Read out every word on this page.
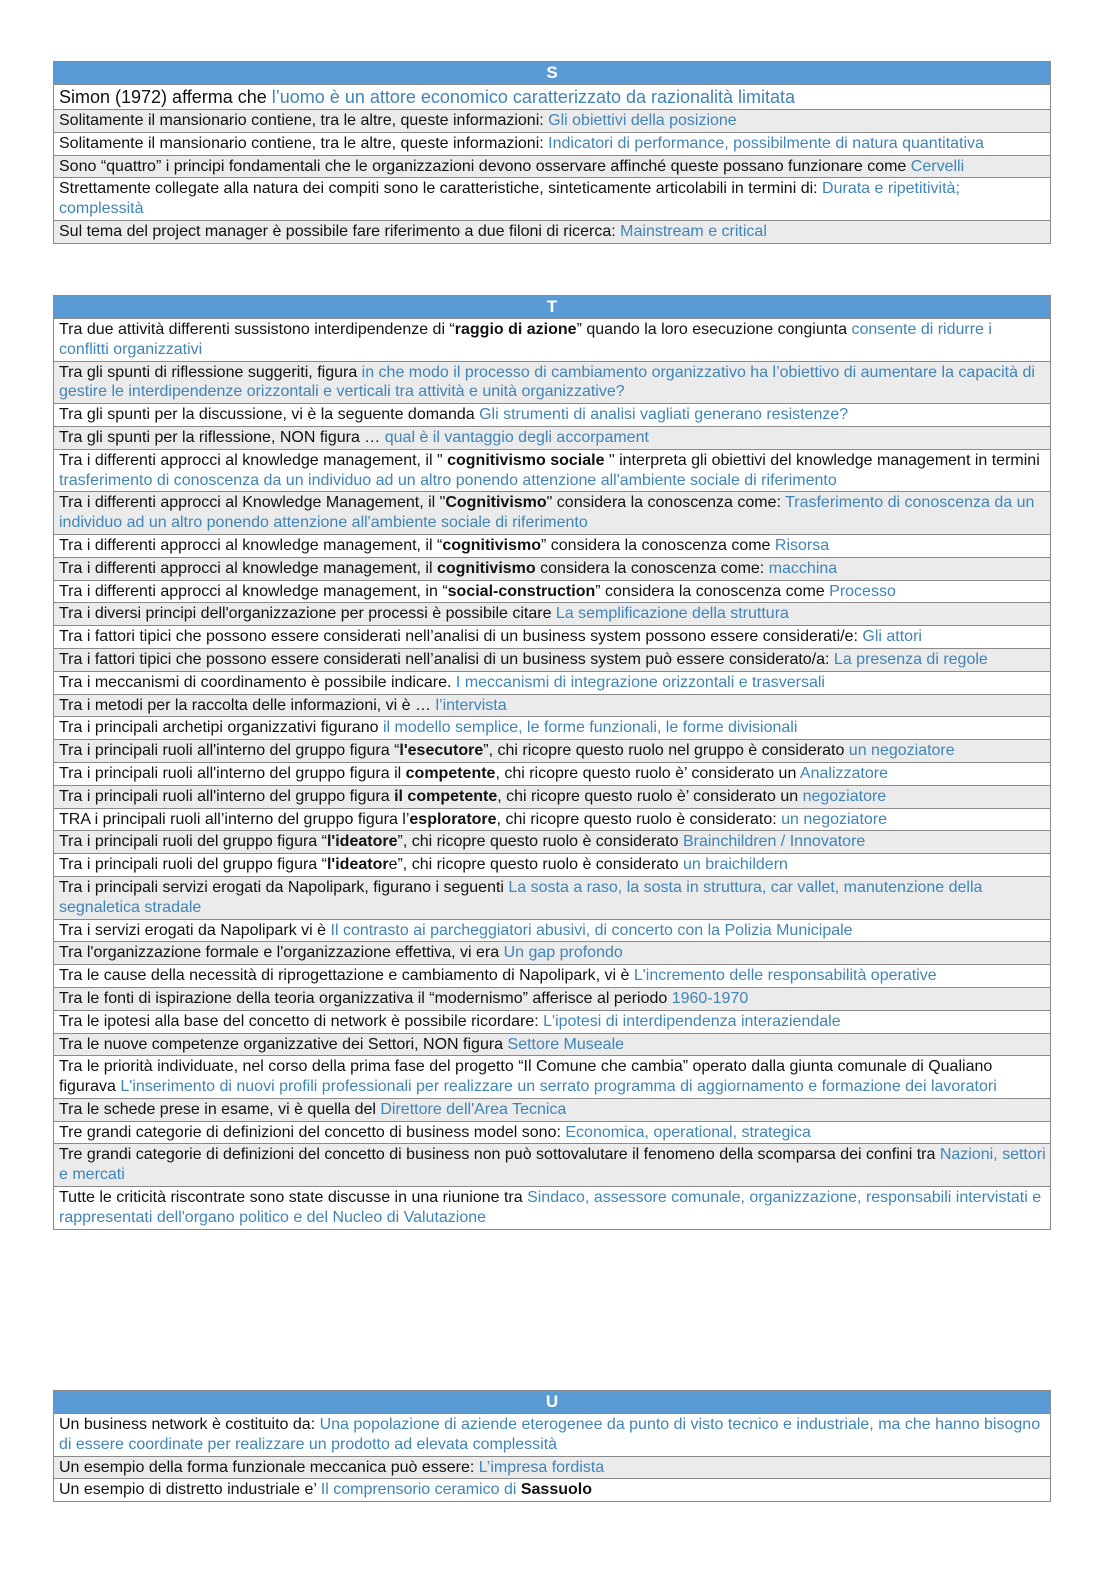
S
Simon (1972) afferma che l’uomo è un attore economico caratterizzato da razionalità limitata
Solitamente il mansionario contiene, tra le altre, queste informazioni: Gli obiettivi della posizione
Solitamente il mansionario contiene, tra le altre, queste informazioni: Indicatori di performance, possibilmente di natura quantitativa
Sono “quattro” i principi fondamentali che le organizzazioni devono osservare affinché queste possano funzionare come Cervelli
Strettamente collegate alla natura dei compiti sono le caratteristiche, sinteticamente articolabili in termini di: Durata e ripetitività; complessità
Sul tema del project manager è possibile fare riferimento a due filoni di ricerca: Mainstream e critical
T
Tra due attività differenti sussistono interdipendenze di “raggio di azione” quando la loro esecuzione congiunta consente di ridurre i conflitti organizzativi
Tra gli spunti di riflessione suggeriti, figura in che modo il processo di cambiamento organizzativo ha l’obiettivo di aumentare la capacità di gestire le interdipendenze orizzontali e verticali tra attività e unità organizzative?
Tra gli spunti per la discussione, vi è la seguente domanda Gli strumenti di analisi vagliati generano resistenze?
Tra gli spunti per la riflessione, NON figura … qual è il vantaggio degli accorpament
Tra i differenti approcci al knowledge management, il " cognitivismo sociale " interpreta gli obiettivi del knowledge management in termini trasferimento di conoscenza da un individuo ad un altro ponendo attenzione all'ambiente sociale di riferimento
Tra i differenti approcci al Knowledge Management, il "Cognitivismo" considera la conoscenza come: Trasferimento di conoscenza da un individuo ad un altro ponendo attenzione all'ambiente sociale di riferimento
Tra i differenti approcci al knowledge management, il “cognitivismo” considera la conoscenza come Risorsa
Tra i differenti approcci al knowledge management, il cognitivismo considera la conoscenza come: macchina
Tra i differenti approcci al knowledge management, in “social-construction” considera la conoscenza come Processo
Tra i diversi principi dell'organizzazione per processi è possibile citare La semplificazione della struttura
Tra i fattori tipici che possono essere considerati nell’analisi di un business system possono essere considerati/e: Gli attori
Tra i fattori tipici che possono essere considerati nell’analisi di un business system può essere considerato/a: La presenza di regole
Tra i meccanismi di coordinamento è possibile indicare. I meccanismi di integrazione orizzontali e trasversali
Tra i metodi per la raccolta delle informazioni, vi è … l’intervista
Tra i principali archetipi organizzativi figurano il modello semplice, le forme funzionali, le forme divisionali
Tra i principali ruoli all'interno del gruppo figura “l'esecutore”, chi ricopre questo ruolo nel gruppo è considerato un negoziatore
Tra i principali ruoli all'interno del gruppo figura il competente, chi ricopre questo ruolo è’ considerato un Analizzatore
Tra i principali ruoli all'interno del gruppo figura il competente, chi ricopre questo ruolo è’ considerato un negoziatore
TRA i principali ruoli all’interno del gruppo figura l’esploratore, chi ricopre questo ruolo è considerato: un negoziatore
Tra i principali ruoli del gruppo figura “l'ideatore”, chi ricopre questo ruolo è considerato Brainchildren / Innovatore
Tra i principali ruoli del gruppo figura “l'ideatore”, chi ricopre questo ruolo è considerato un braichildern
Tra i principali servizi erogati da Napolipark, figurano i seguenti La sosta a raso, la sosta in struttura, car vallet, manutenzione della segnaletica stradale
Tra i servizi erogati da Napolipark vi è Il contrasto ai parcheggiatori abusivi, di concerto con la Polizia Municipale
Tra l'organizzazione formale e l'organizzazione effettiva, vi era Un gap profondo
Tra le cause della necessità di riprogettazione e cambiamento di Napolipark, vi è L'incremento delle responsabilità operative
Tra le fonti di ispirazione della teoria organizzativa il “modernismo” afferisce al periodo 1960-1970
Tra le ipotesi alla base del concetto di network è possibile ricordare: L'ipotesi di interdipendenza interaziendale
Tra le nuove competenze organizzative dei Settori, NON figura Settore Museale
Tra le priorità individuate, nel corso della prima fase del progetto “Il Comune che cambia” operato dalla giunta comunale di Qualiano figurava L'inserimento di nuovi profili professionali per realizzare un serrato programma di aggiornamento e formazione dei lavoratori
Tra le schede prese in esame, vi è quella del Direttore dell'Area Tecnica
Tre grandi categorie di definizioni del concetto di business model sono: Economica, operational, strategica
Tre grandi categorie di definizioni del concetto di business non può sottovalutare il fenomeno della scomparsa dei confini tra Nazioni, settori e mercati
Tutte le criticità riscontrate sono state discusse in una riunione tra Sindaco, assessore comunale, organizzazione, responsabili intervistati e rappresentati dell'organo politico e del Nucleo di Valutazione
U
Un business network è costituito da: Una popolazione di aziende eterogenee da punto di visto tecnico e industriale, ma che hanno bisogno di essere coordinate per realizzare un prodotto ad elevata complessità
Un esempio della forma funzionale meccanica può essere: L’impresa fordista
Un esempio di distretto industriale e’ Il comprensorio ceramico di Sassuolo
